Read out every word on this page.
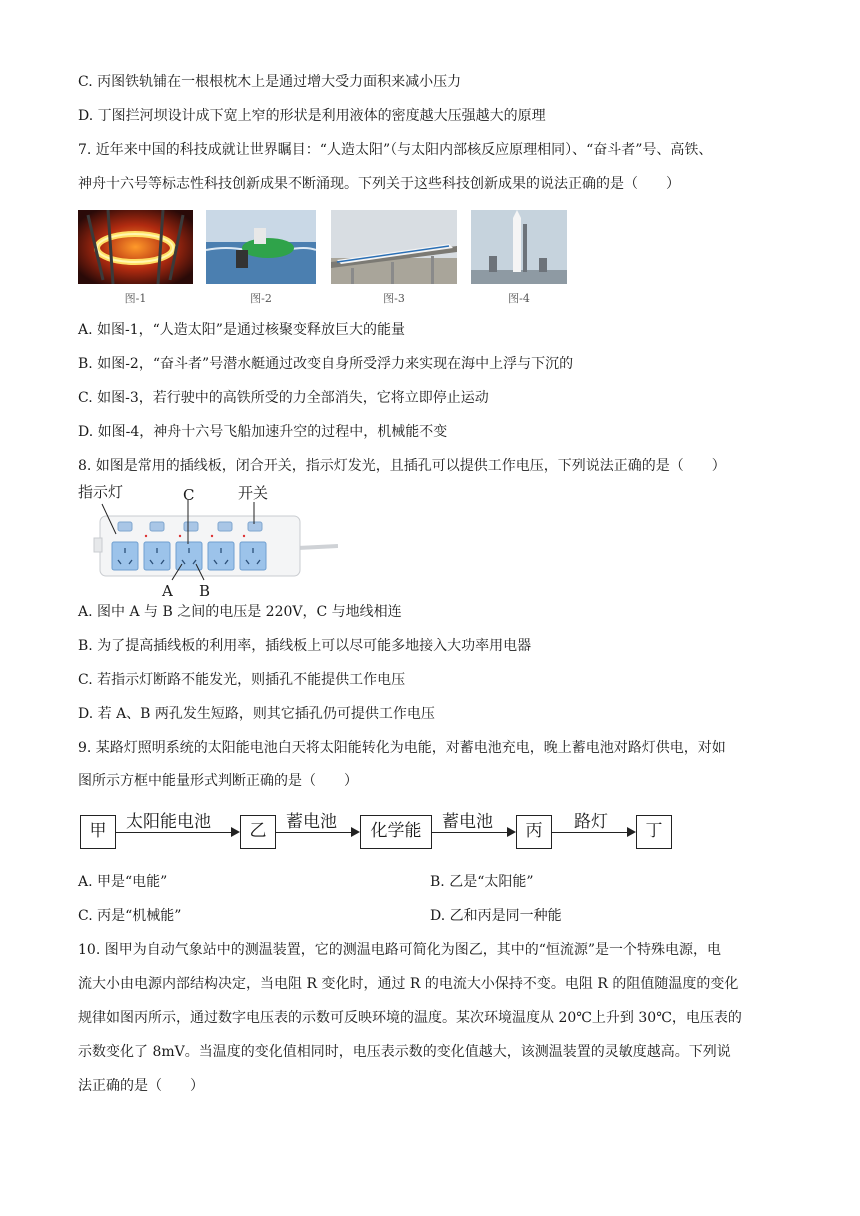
C. 丙图铁轨铺在一根根枕木上是通过增大受力面积来减小压力
D. 丁图拦河坝设计成下宽上窄的形状是利用液体的密度越大压强越大的原理
7. 近年来中国的科技成就让世界瞩目：“人造太阳”（与太阳内部核反应原理相同）、“奋斗者”号、高铁、
神舟十六号等标志性科技创新成果不断涌现。下列关于这些科技创新成果的说法正确的是（　　）
图-1	图-2	图-3	图-4
A. 如图-1，“人造太阳”是通过核聚变释放巨大的能量
B. 如图-2，“奋斗者”号潜水艇通过改变自身所受浮力来实现在海中上浮与下沉的
C. 如图-3，若行驶中的高铁所受的力全部消失，它将立即停止运动
D. 如图-4，神舟十六号飞船加速升空的过程中，机械能不变
8. 如图是常用的插线板，闭合开关，指示灯发光，且插孔可以提供工作电压，下列说法正确的是（　　）
指示灯	C	开关
A B
A. 图中 A 与 B 之间的电压是 220V，C 与地线相连
B. 为了提高插线板的利用率，插线板上可以尽可能多地接入大功率用电器
C. 若指示灯断路不能发光，则插孔不能提供工作电压
D. 若 A、B 两孔发生短路，则其它插孔仍可提供工作电压
9. 某路灯照明系统的太阳能电池白天将太阳能转化为电能，对蓄电池充电，晚上蓄电池对路灯供电，对如
图所示方框中能量形式判断正确的是（　　）
甲	太阳能电池	乙	蓄电池	化学能	蓄电池	丙	路灯	丁
A. 甲是“电能”	B. 乙是“太阳能”
C. 丙是“机械能”	D. 乙和丙是同一种能
10. 图甲为自动气象站中的测温装置，它的测温电路可简化为图乙，其中的“恒流源”是一个特殊电源，电
流大小由电源内部结构决定，当电阻 R 变化时，通过 R 的电流大小保持不变。电阻 R 的阻值随温度的变化
规律如图丙所示，通过数字电压表的示数可反映环境的温度。某次环境温度从 20℃上升到 30℃，电压表的
示数变化了 8mV。当温度的变化值相同时，电压表示数的变化值越大，该测温装置的灵敏度越高。下列说
法正确的是（　　）
